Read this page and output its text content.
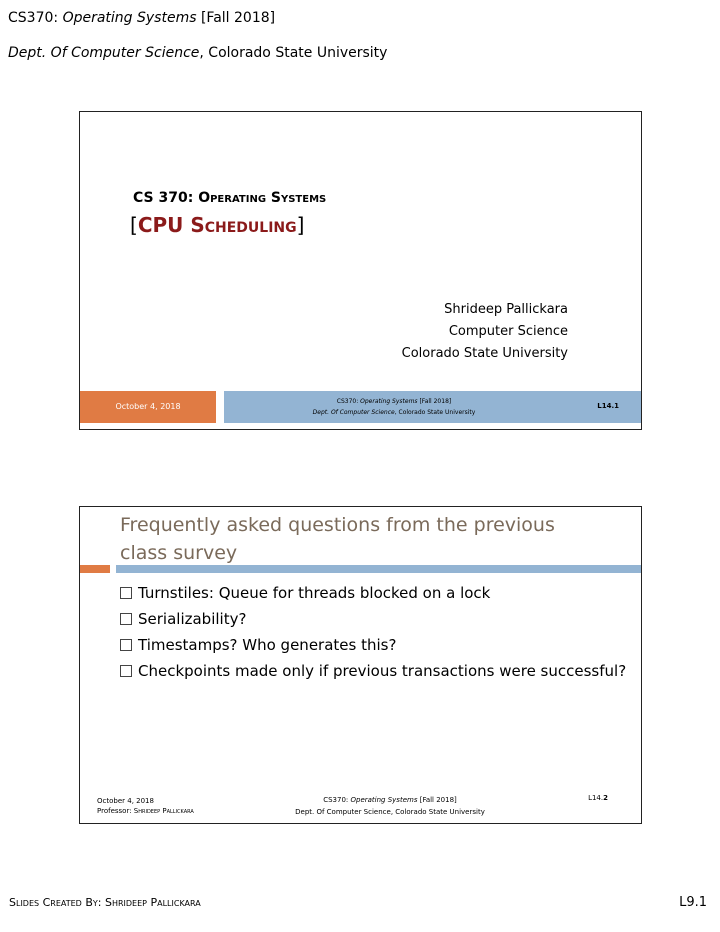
CS370: Operating Systems [Fall 2018]
Dept. Of Computer Science, Colorado State University
CS 370: Operating Systems
[CPU Scheduling]
Shrideep Pallickara
Computer Science
Colorado State University
October 4, 2018
CS370: Operating Systems [Fall 2018]
Dept. Of Computer Science, Colorado State University
L14.1
Frequently asked questions from the previous class survey
Turnstiles: Queue for threads blocked on a lock
Serializability?
Timestamps? Who generates this?
Checkpoints made only if previous transactions were successful?
October 4, 2018
Professor: Shrideep Pallickara
CS370: Operating Systems [Fall 2018]
Dept. Of Computer Science, Colorado State University
L14.2
Slides Created By: Shrideep Pallickara	L9.1
